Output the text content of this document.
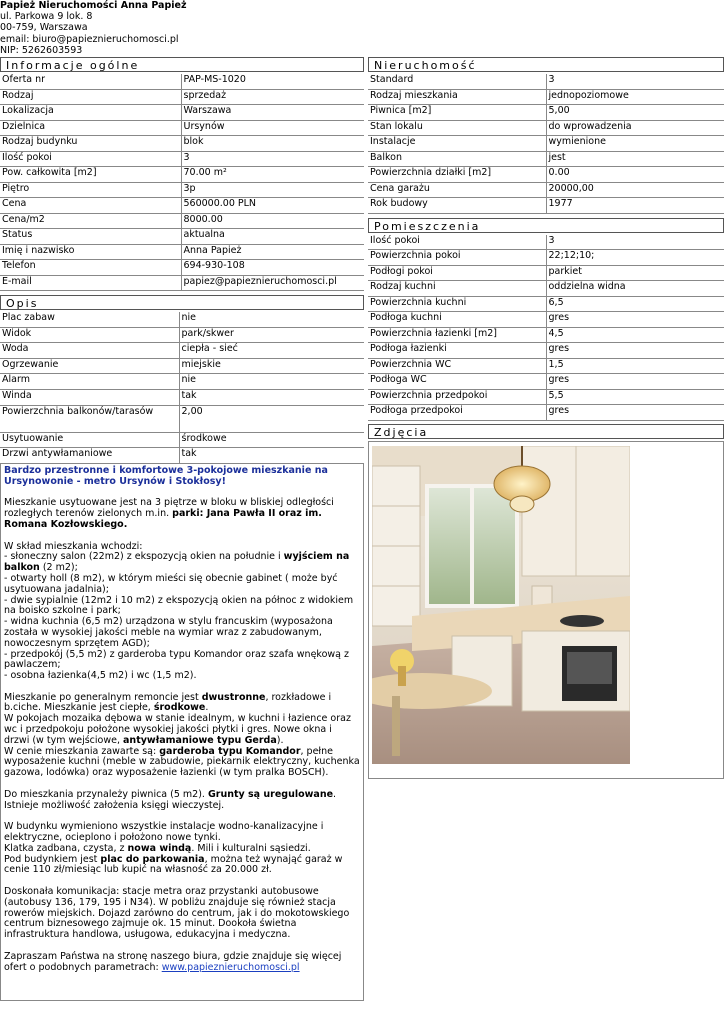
Papież Nieruchomości Anna Papież
ul. Parkowa 9 lok. 8
00-759, Warszawa
email: biuro@papieznieruchomosci.pl
NIP: 5262603593
Informacje ogólne
Oferta nr	PAP-MS-1020
Rodzaj	sprzedaż
Lokalizacja	Warszawa
Dzielnica	Ursynów
Rodzaj budynku	blok
Ilość pokoi	3
Pow. całkowita [m2]	70.00 m²
Piętro	3p
Cena	560000.00 PLN
Cena/m2	8000.00
Status	aktualna
Imię i nazwisko	Anna Papież
Telefon	694-930-108
E-mail	papiez@papieznieruchomosci.pl
Opis
Plac zabaw	nie
Widok	park/skwer
Woda	ciepła - sieć
Ogrzewanie	miejskie
Alarm	nie
Winda	tak
Powierzchnia balkonów/tarasów	2,00
Usytuowanie	środkowe
Drzwi antywłamaniowe	tak

Bardzo przestronne i komfortowe 3-pokojowe mieszkanie na Ursynowonie - metro Ursynów i Stokłosy!

Mieszkanie usytuowane jest na 3 piętrze w bloku w bliskiej odległości rozległych terenów zielonych m.in. parki: Jana Pawła II oraz im. Romana Kozłowskiego.

W skład mieszkania wchodzi:
- słoneczny salon (22m2) z ekspozycją okien na południe i wyjściem na balkon (2 m2);
- otwarty holl (8 m2), w którym mieści się obecnie gabinet ( może być usytuowana jadalnia);
- dwie sypialnie (12m2 i 10 m2) z ekspozycją okien na północ z widokiem na boisko szkolne i park;
- widna kuchnia (6,5 m2) urządzona w stylu francuskim (wyposażona została w wysokiej jakości meble na wymiar wraz z zabudowanym, nowoczesnym sprzętem AGD);
- przedpokój (5,5 m2) z garderoba typu Komandor oraz szafa wnękową z pawlaczem;
- osobna łazienka(4,5 m2) i wc (1,5 m2).

Mieszkanie po generalnym remoncie jest dwustronne, rozkładowe i b.ciche. Mieszkanie jest ciepłe, środkowe.
W pokojach mozaika dębowa w stanie idealnym, w kuchni i łazience oraz wc i przedpokoju położone wysokiej jakości płytki i gres. Nowe okna i drzwi (w tym wejściowe, antywłamaniowe typu Gerda).
W cenie mieszkania zawarte są: garderoba typu Komandor, pełne wyposażenie kuchni (meble w zabudowie, piekarnik elektryczny, kuchenka gazowa, lodówka) oraz wyposażenie łazienki (w tym pralka BOSCH).

Do mieszkania przynależy piwnica (5 m2). Grunty są uregulowane. Istnieje możliwość założenia księgi wieczystej.

W budynku wymieniono wszystkie instalacje wodno-kanalizacyjne i elektryczne, ocieplono i położono nowe tynki.
Klatka zadbana, czysta, z nowa windą. Mili i kulturalni sąsiedzi.
Pod budynkiem jest plac do parkowania, można też wynająć garaż w cenie 110 zł/miesiąc lub kupić na własność za 20.000 zł.

Doskonała komunikacja: stacje metra oraz przystanki autobusowe (autobusy 136, 179, 195 i N34). W pobliżu znajduje się również stacja rowerów miejskich. Dojazd zarówno do centrum, jak i do mokotowskiego centrum biznesowego zajmuje ok. 15 minut. Dookoła świetna infrastruktura handlowa, usługowa, edukacyjna i medyczna.

Zapraszam Państwa na stronę naszego biura, gdzie znajduje się więcej ofert o podobnych parametrach: www.papieznieruchomosci.pl

Nieruchomość
Standard	3
Rodzaj mieszkania	jednopoziomowe
Piwnica [m2]	5,00
Stan lokalu	do wprowadzenia
Instalacje	wymienione
Balkon	jest
Powierzchnia działki [m2]	0.00
Cena garażu	20000,00
Rok budowy	1977
Pomieszczenia
Ilość pokoi	3
Powierzchnia pokoi	22;12;10;
Podłogi pokoi	parkiet
Rodzaj kuchni	oddzielna widna
Powierzchnia kuchni	6,5
Podłoga kuchni	gres
Powierzchnia łazienki [m2]	4,5
Podłoga łazienki	gres
Powierzchnia WC	1,5
Podłoga WC	gres
Powierzchnia przedpokoi	5,5
Podłoga przedpokoi	gres
Zdjęcia
